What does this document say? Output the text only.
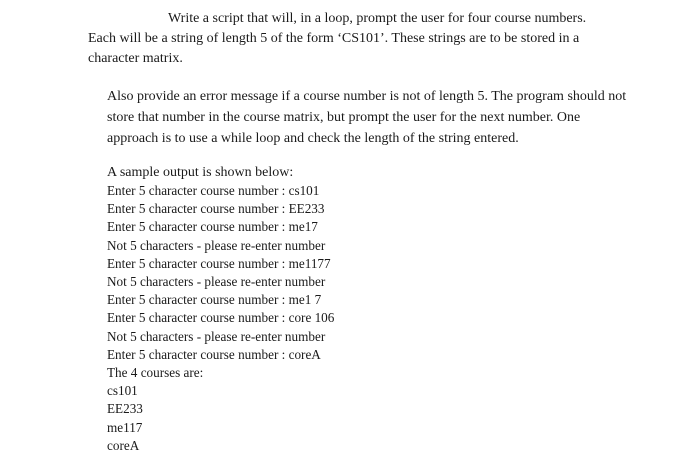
Write a script that will, in a loop, prompt the user for four course numbers. Each will be a string of length 5 of the form ‘CS101’. These strings are to be stored in a character matrix.

Also provide an error message if a course number is not of length 5. The program should not store that number in the course matrix, but prompt the user for the next number. One approach is to use a while loop and check the length of the string entered.

A sample output is shown below:
Enter 5 character course number : cs101
Enter 5 character course number : EE233
Enter 5 character course number : me17
Not 5 characters - please re-enter number
Enter 5 character course number : me1177
Not 5 characters - please re-enter number
Enter 5 character course number : me1 7
Enter 5 character course number : core 106
Not 5 characters - please re-enter number
Enter 5 character course number : coreA
The 4 courses are:
cs101
EE233
me117
coreA
